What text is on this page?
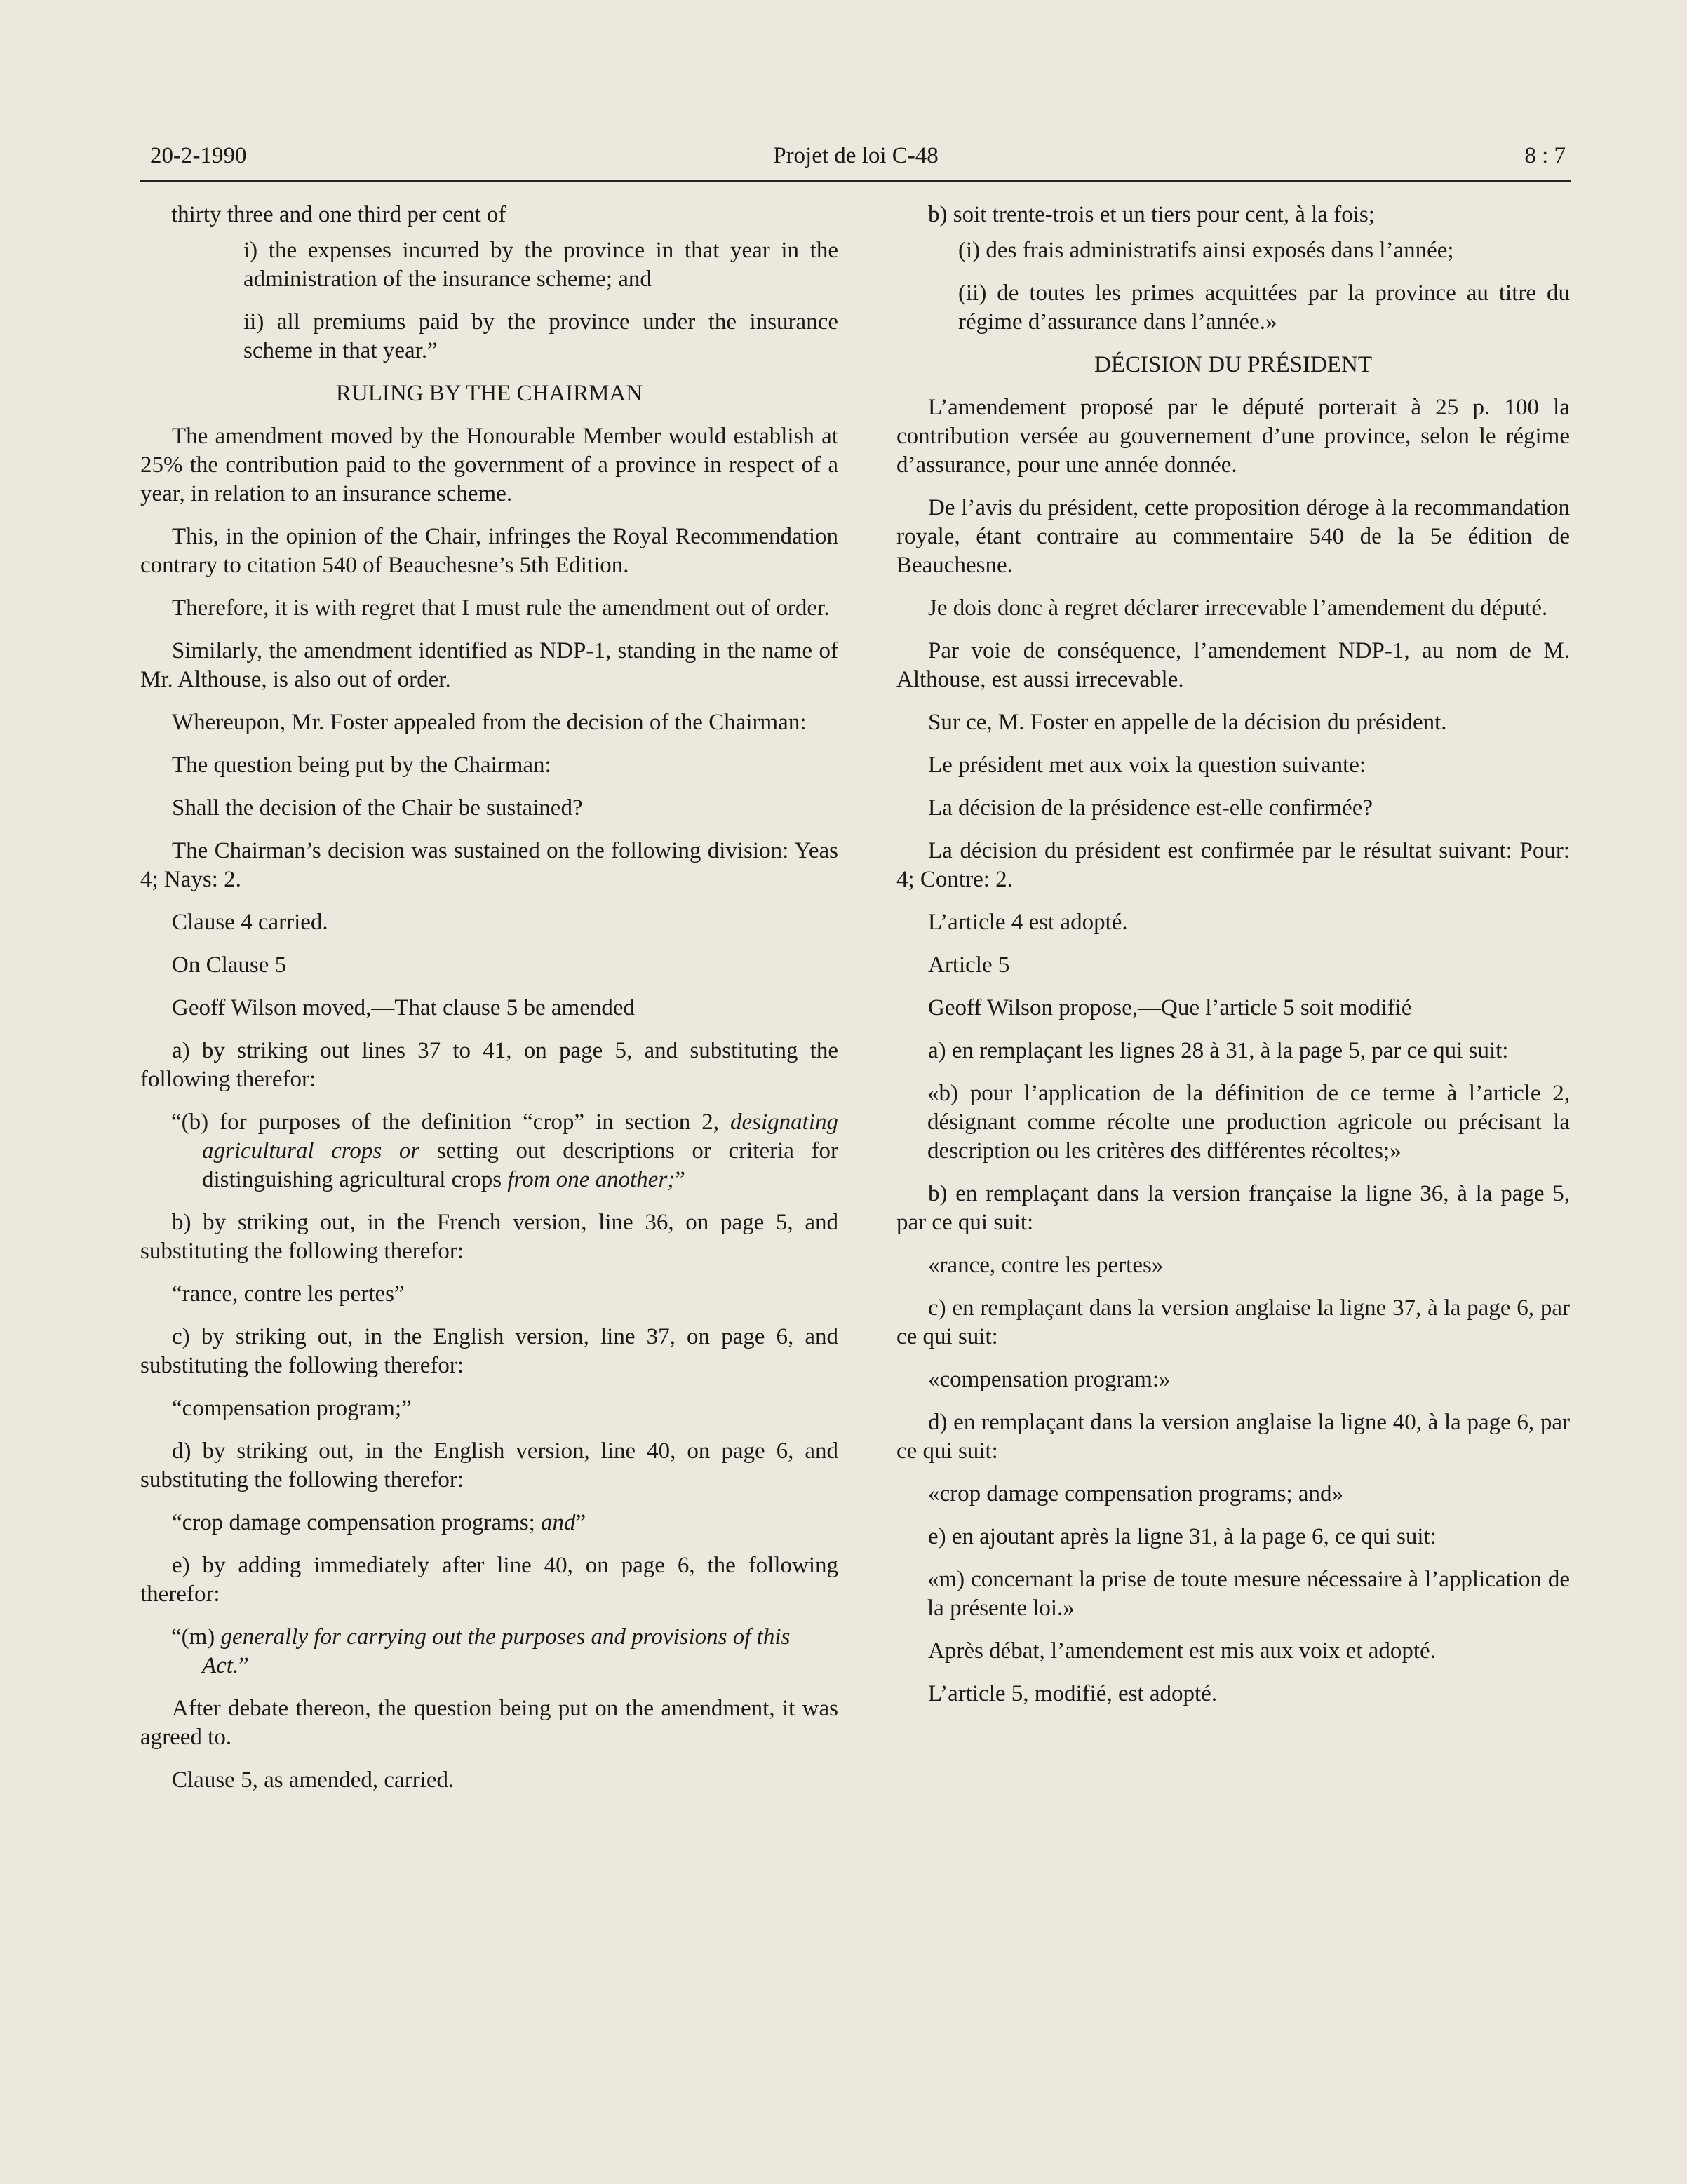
20-2-1990	Projet de loi C-48	8 : 7

thirty three and one third per cent of

i) the expenses incurred by the province in that year in the administration of the insurance scheme; and

ii) all premiums paid by the province under the insurance scheme in that year.”

RULING BY THE CHAIRMAN

The amendment moved by the Honourable Member would establish at 25% the contribution paid to the government of a province in respect of a year, in relation to an insurance scheme.

This, in the opinion of the Chair, infringes the Royal Recommendation contrary to citation 540 of Beauchesne’s 5th Edition.

Therefore, it is with regret that I must rule the amendment out of order.

Similarly, the amendment identified as NDP-1, standing in the name of Mr. Althouse, is also out of order.

Whereupon, Mr. Foster appealed from the decision of the Chairman:

The question being put by the Chairman:

Shall the decision of the Chair be sustained?

The Chairman’s decision was sustained on the following division: Yeas 4; Nays: 2.

Clause 4 carried.

On Clause 5

Geoff Wilson moved,—That clause 5 be amended

a) by striking out lines 37 to 41, on page 5, and substituting the following therefor:

“(b) for purposes of the definition “crop” in section 2, designating agricultural crops or setting out descriptions or criteria for distinguishing agricultural crops from one another;”

b) by striking out, in the French version, line 36, on page 5, and substituting the following therefor:

“rance, contre les pertes”

c) by striking out, in the English version, line 37, on page 6, and substituting the following therefor:

“compensation program;”

d) by striking out, in the English version, line 40, on page 6, and substituting the following therefor:

“crop damage compensation programs; and”

e) by adding immediately after line 40, on page 6, the following therefor:

“(m) generally for carrying out the purposes and provisions of this Act.”

After debate thereon, the question being put on the amendment, it was agreed to.

Clause 5, as amended, carried.

b) soit trente-trois et un tiers pour cent, à la fois;

(i) des frais administratifs ainsi exposés dans l’année;

(ii) de toutes les primes acquittées par la province au titre du régime d’assurance dans l’année.»

DÉCISION DU PRÉSIDENT

L’amendement proposé par le député porterait à 25 p. 100 la contribution versée au gouvernement d’une province, selon le régime d’assurance, pour une année donnée.

De l’avis du président, cette proposition déroge à la recommandation royale, étant contraire au commentaire 540 de la 5e édition de Beauchesne.

Je dois donc à regret déclarer irrecevable l’amendement du député.

Par voie de conséquence, l’amendement NDP-1, au nom de M. Althouse, est aussi irrecevable.

Sur ce, M. Foster en appelle de la décision du président.

Le président met aux voix la question suivante:

La décision de la présidence est-elle confirmée?

La décision du président est confirmée par le résultat suivant: Pour: 4; Contre: 2.

L’article 4 est adopté.

Article 5

Geoff Wilson propose,—Que l’article 5 soit modifié

a) en remplaçant les lignes 28 à 31, à la page 5, par ce qui suit:

«b) pour l’application de la définition de ce terme à l’article 2, désignant comme récolte une production agricole ou précisant la description ou les critères des différentes récoltes;»

b) en remplaçant dans la version française la ligne 36, à la page 5, par ce qui suit:

«rance, contre les pertes»

c) en remplaçant dans la version anglaise la ligne 37, à la page 6, par ce qui suit:

«compensation program:»

d) en remplaçant dans la version anglaise la ligne 40, à la page 6, par ce qui suit:

«crop damage compensation programs; and»

e) en ajoutant après la ligne 31, à la page 6, ce qui suit:

«m) concernant la prise de toute mesure nécessaire à l’application de la présente loi.»

Après débat, l’amendement est mis aux voix et adopté.

L’article 5, modifié, est adopté.
